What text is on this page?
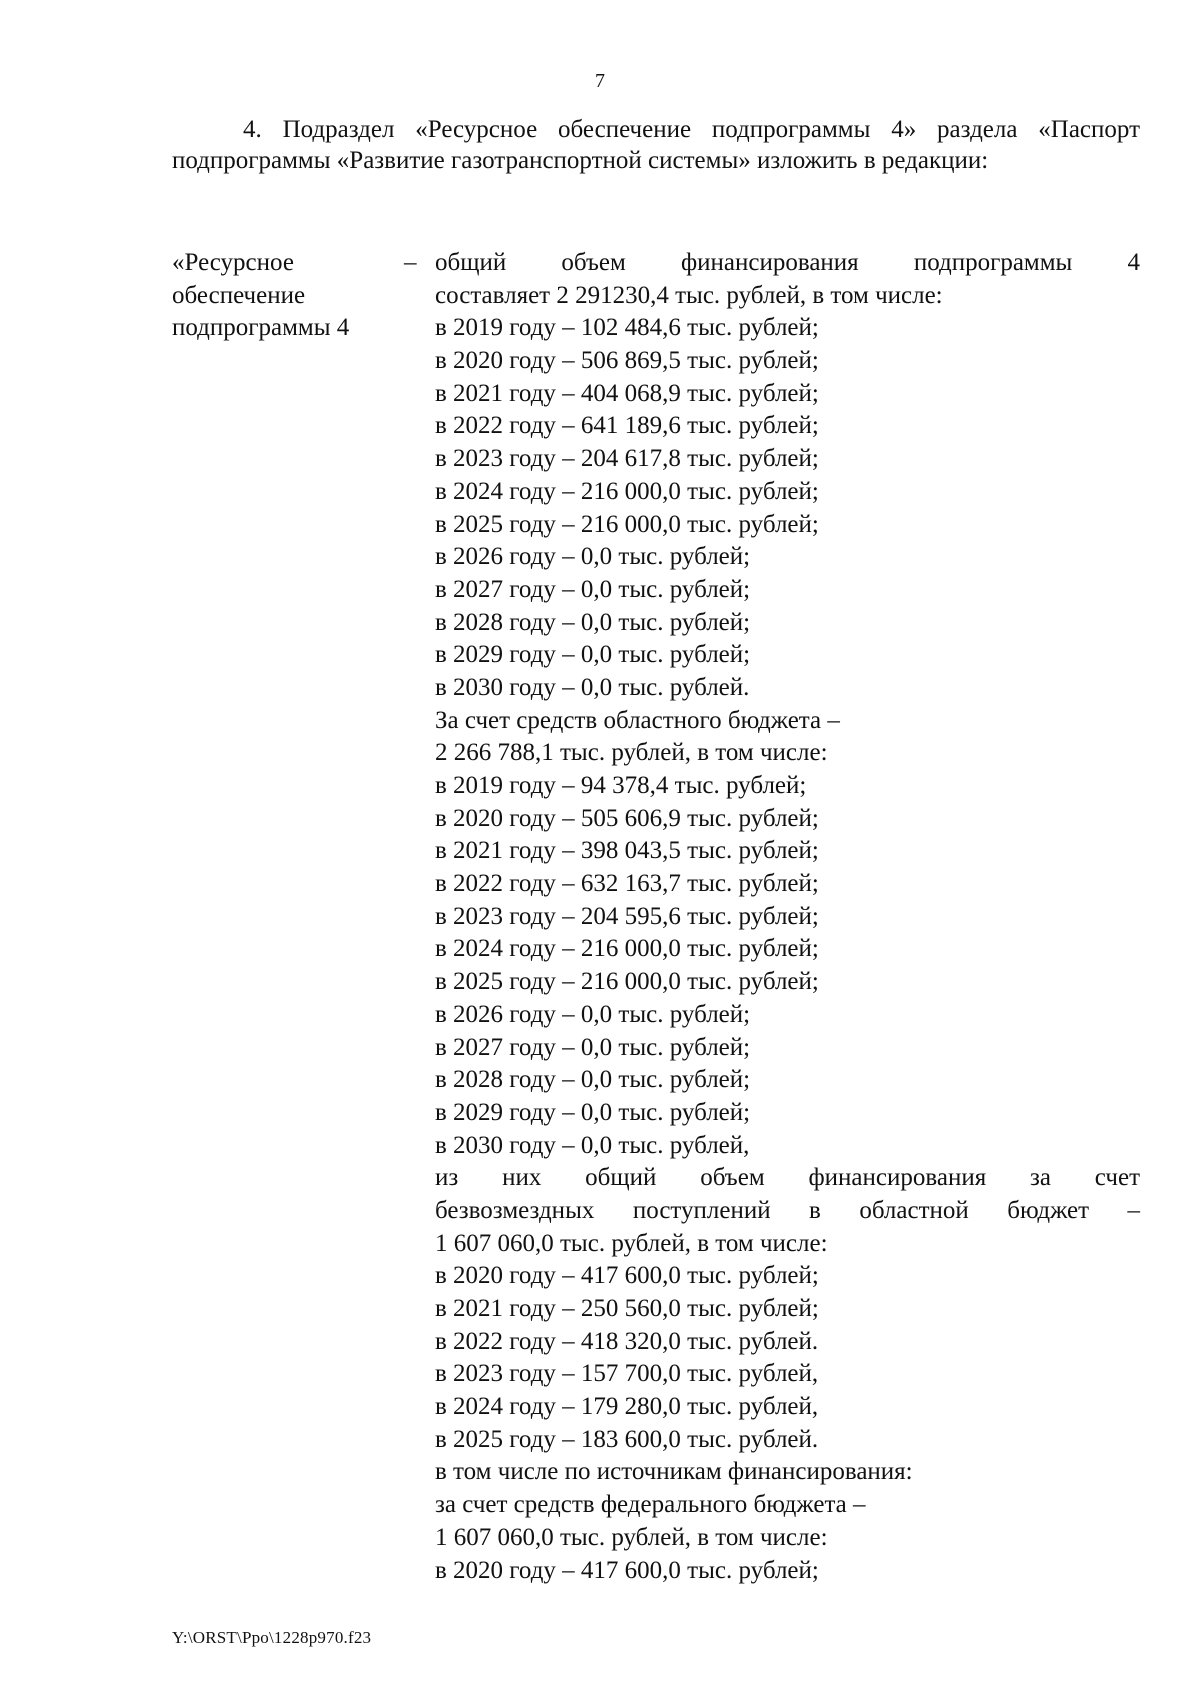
7

4. Подраздел «Ресурсное обеспечение подпрограммы 4» раздела «Паспорт подпрограммы «Развитие газотранспортной системы» изложить в редакции:

«Ресурсное
обеспечение
подпрограммы 4
– общий объем финансирования подпрограммы 4
составляет 2 291230,4 тыс. рублей, в том числе:
в 2019 году – 102 484,6 тыс. рублей;
в 2020 году – 506 869,5 тыс. рублей;
в 2021 году – 404 068,9 тыс. рублей;
в 2022 году – 641 189,6 тыс. рублей;
в 2023 году – 204 617,8 тыс. рублей;
в 2024 году – 216 000,0 тыс. рублей;
в 2025 году – 216 000,0 тыс. рублей;
в 2026 году – 0,0 тыс. рублей;
в 2027 году – 0,0 тыс. рублей;
в 2028 году – 0,0 тыс. рублей;
в 2029 году – 0,0 тыс. рублей;
в 2030 году – 0,0 тыс. рублей.
За счет средств областного бюджета –
2 266 788,1 тыс. рублей, в том числе:
в 2019 году – 94 378,4 тыс. рублей;
в 2020 году – 505 606,9 тыс. рублей;
в 2021 году – 398 043,5 тыс. рублей;
в 2022 году – 632 163,7 тыс. рублей;
в 2023 году – 204 595,6 тыс. рублей;
в 2024 году – 216 000,0 тыс. рублей;
в 2025 году – 216 000,0 тыс. рублей;
в 2026 году – 0,0 тыс. рублей;
в 2027 году – 0,0 тыс. рублей;
в 2028 году – 0,0 тыс. рублей;
в 2029 году – 0,0 тыс. рублей;
в 2030 году – 0,0 тыс. рублей,
из них общий объем финансирования за счет
безвозмездных поступлений в областной бюджет –
1 607 060,0 тыс. рублей, в том числе:
в 2020 году – 417 600,0 тыс. рублей;
в 2021 году – 250 560,0 тыс. рублей;
в 2022 году – 418 320,0 тыс. рублей.
в 2023 году – 157 700,0 тыс. рублей,
в 2024 году – 179 280,0 тыс. рублей,
в 2025 году – 183 600,0 тыс. рублей.
в том числе по источникам финансирования:
за счет средств федерального бюджета –
1 607 060,0 тыс. рублей, в том числе:
в 2020 году – 417 600,0 тыс. рублей;
Y:\ORST\Ppo\1228p970.f23
